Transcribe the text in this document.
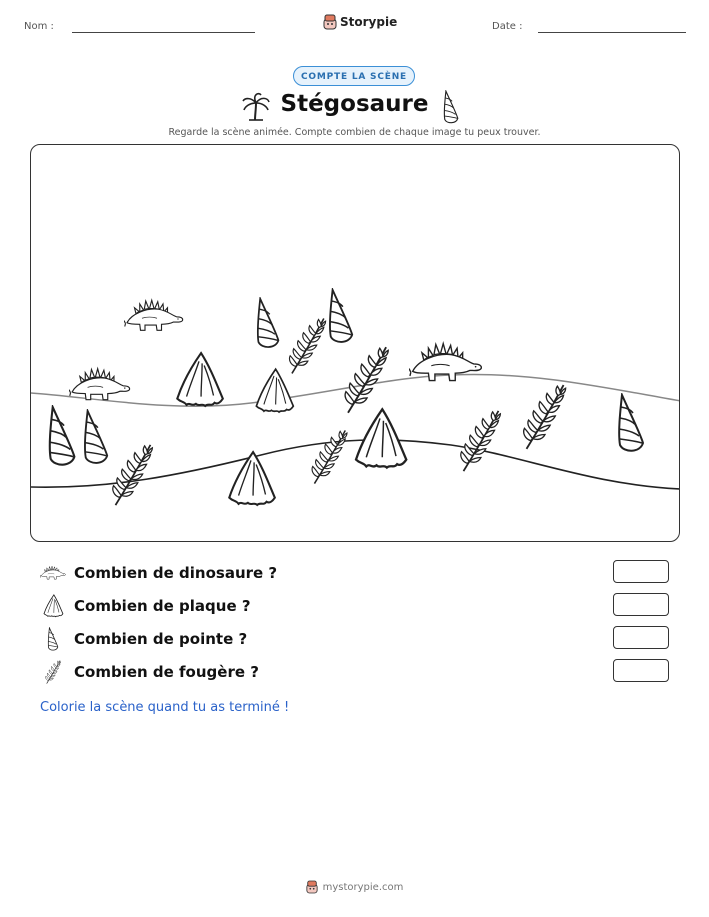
Nom :	Storypie	Date :
COMPTE LA SCÈNE
Stégosaure
Regarde la scène animée. Compte combien de chaque image tu peux trouver.
Combien de dinosaure ?
Combien de plaque ?
Combien de pointe ?
Combien de fougère ?
Colorie la scène quand tu as terminé !
mystorypie.com
